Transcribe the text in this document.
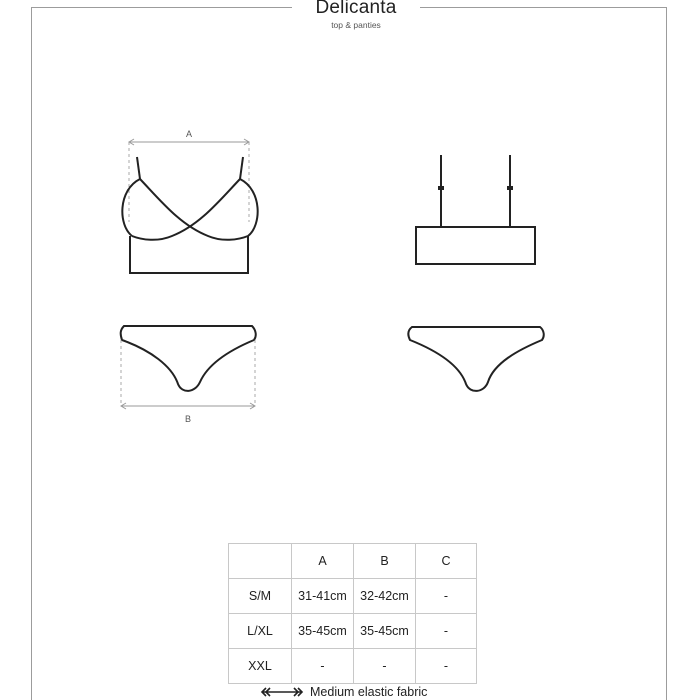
Delicanta
top & panties
A
B
	A	B	C
S/M	31-41cm	32-42cm	-
L/XL	35-45cm	35-45cm	-
XXL	-	-	-
Medium elastic fabric
